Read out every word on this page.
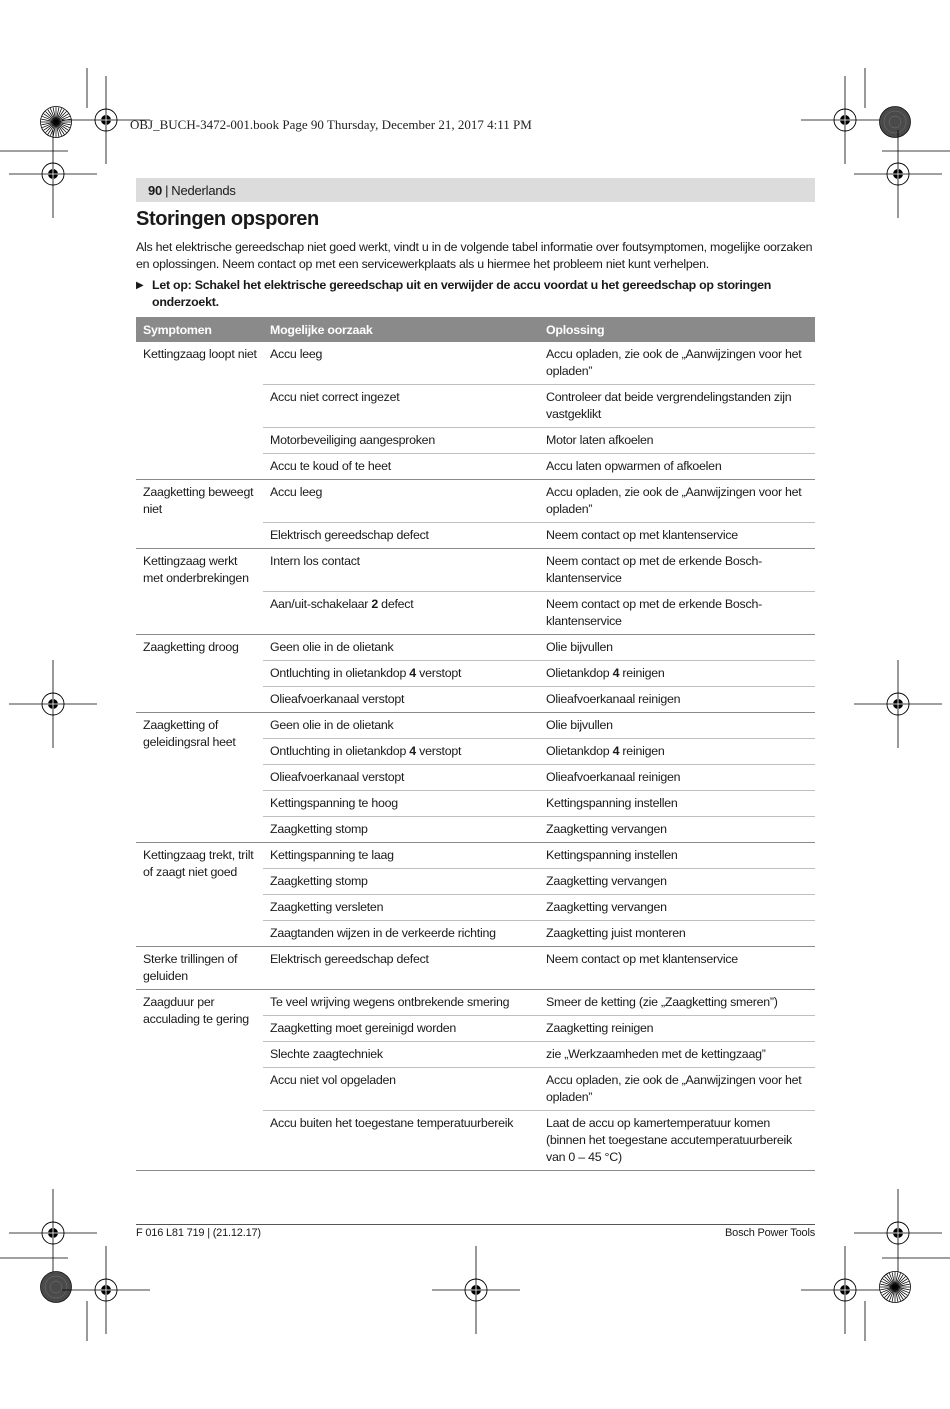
OBJ_BUCH-3472-001.book Page 90 Thursday, December 21, 2017 4:11 PM
90 | Nederlands
Storingen opsporen
Als het elektrische gereedschap niet goed werkt, vindt u in de volgende tabel informatie over foutsymptomen, mogelijke oorzaken en oplossingen. Neem contact op met een servicewerkplaats als u hiermee het probleem niet kunt verhelpen.
▶ Let op: Schakel het elektrische gereedschap uit en verwijder de accu voordat u het gereedschap op storingen onderzoekt.
Symptomen	Mogelijke oorzaak	Oplossing
Kettingzaag loopt niet	Accu leeg	Accu opladen, zie ook de „Aanwijzingen voor het opladen”
	Accu niet correct ingezet	Controleer dat beide vergrendelingstanden zijn vastgeklikt
	Motorbeveiliging aangesproken	Motor laten afkoelen
	Accu te koud of te heet	Accu laten opwarmen of afkoelen
Zaagketting beweegt niet	Accu leeg	Accu opladen, zie ook de „Aanwijzingen voor het opladen”
	Elektrisch gereedschap defect	Neem contact op met klantenservice
Kettingzaag werkt met onderbrekingen	Intern los contact	Neem contact op met de erkende Bosch-klantenservice
	Aan/uit-schakelaar 2 defect	Neem contact op met de erkende Bosch-klantenservice
Zaagketting droog	Geen olie in de olietank	Olie bijvullen
	Ontluchting in olietankdop 4 verstopt	Olietankdop 4 reinigen
	Olieafvoerkanaal verstopt	Olieafvoerkanaal reinigen
Zaagketting of geleidingsral heet	Geen olie in de olietank	Olie bijvullen
	Ontluchting in olietankdop 4 verstopt	Olietankdop 4 reinigen
	Olieafvoerkanaal verstopt	Olieafvoerkanaal reinigen
	Kettingspanning te hoog	Kettingspanning instellen
	Zaagketting stomp	Zaagketting vervangen
Kettingzaag trekt, trilt of zaagt niet goed	Kettingspanning te laag	Kettingspanning instellen
	Zaagketting stomp	Zaagketting vervangen
	Zaagketting versleten	Zaagketting vervangen
	Zaagtanden wijzen in de verkeerde richting	Zaagketting juist monteren
Sterke trillingen of geluiden	Elektrisch gereedschap defect	Neem contact op met klantenservice
Zaagduur per acculading te gering	Te veel wrijving wegens ontbrekende smering	Smeer de ketting (zie „Zaagketting smeren”)
	Zaagketting moet gereinigd worden	Zaagketting reinigen
	Slechte zaagtechniek	zie „Werkzaamheden met de kettingzaag”
	Accu niet vol opgeladen	Accu opladen, zie ook de „Aanwijzingen voor het opladen”
	Accu buiten het toegestane temperatuurbereik	Laat de accu op kamertemperatuur komen (binnen het toegestane accutemperatuurbereik van 0 – 45 °C)
F 016 L81 719 | (21.12.17)	Bosch Power Tools
